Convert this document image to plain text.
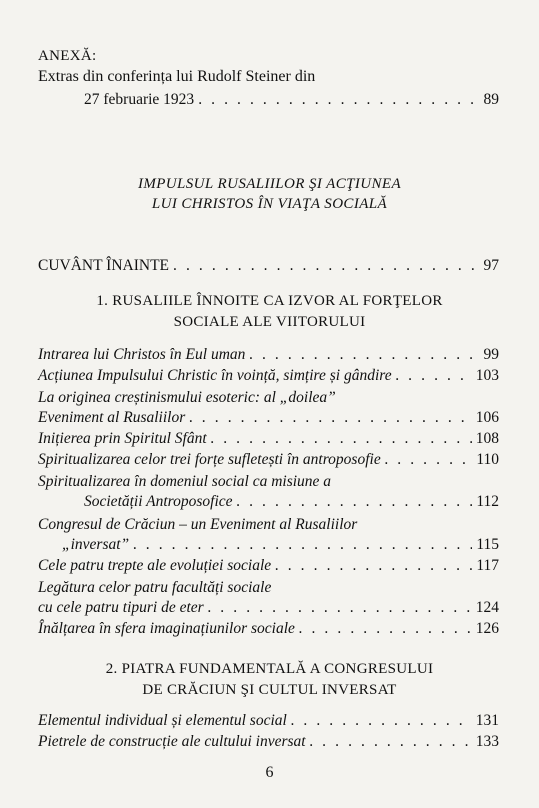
ANEXĂ:
Extras din conferința lui Rudolf Steiner din
27 februarie 1923 . . .	89
IMPULSUL RUSALIILOR ŞI ACŢIUNEA
LUI CHRISTOS ÎN VIAŢA SOCIALĂ
CUVÂNT ÎNAINTE . . .	97
1. RUSALIILE ÎNNOITE CA IZVOR AL FORŢELOR
SOCIALE ALE VIITORULUI
Intrarea lui Christos în Eul uman . . .	99
Acțiunea Impulsului Christic în voință, simțire și gândire . . .	103
La originea creștinismului esoteric: al „doilea”
Eveniment al Rusaliilor . . .	106
Inițierea prin Spiritul Sfânt . . .	108
Spiritualizarea celor trei forțe sufletești în antroposofie . . .	110
Spiritualizarea în domeniul social ca misiune a
Societății Antroposofice . . .	112
Congresul de Crăciun – un Eveniment al Rusaliilor
„inversat” . . .	115
Cele patru trepte ale evoluției sociale . . .	117
Legătura celor patru facultăți sociale
cu cele patru tipuri de eter . . .	124
Înălțarea în sfera imaginațiunilor sociale . . .	126
2. PIATRA FUNDAMENTALĂ A CONGRESULUI
DE CRĂCIUN ŞI CULTUL INVERSAT
Elementul individual și elementul social . . .	131
Pietrele de construcție ale cultului inversat . . .	133
6
